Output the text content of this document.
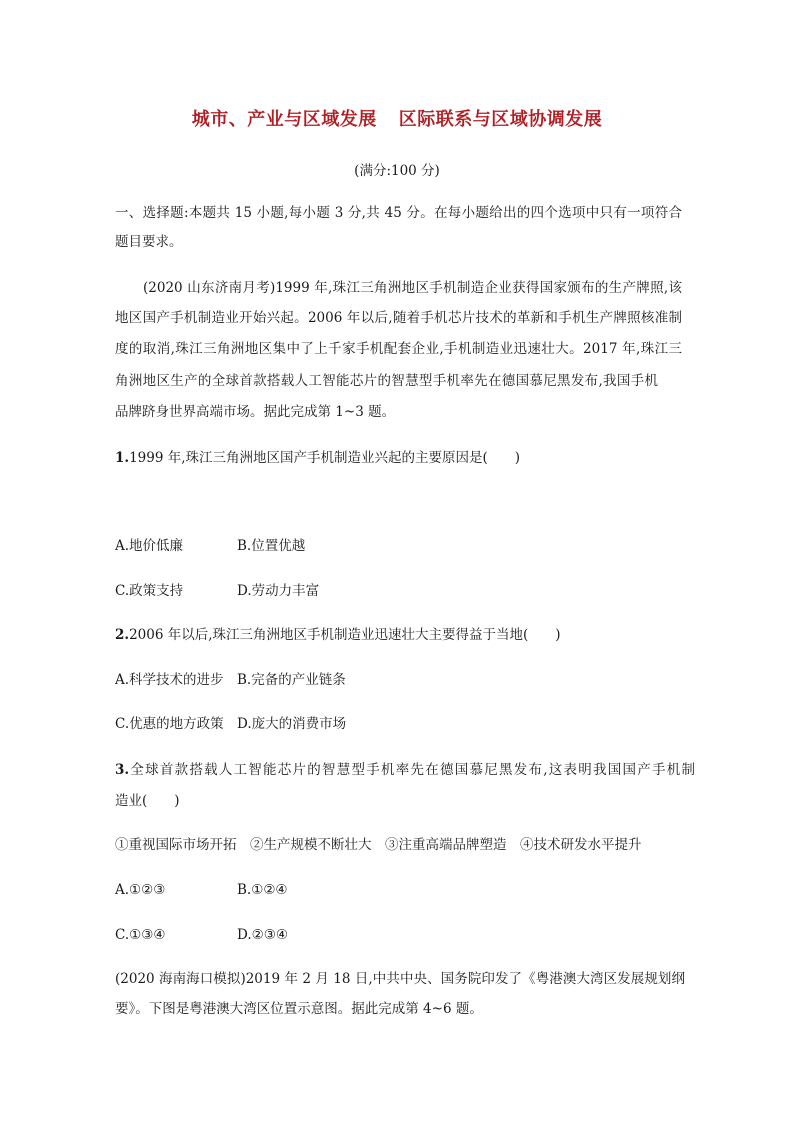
城市、产业与区域发展 区际联系与区域协调发展
(满分:100 分)
一、选择题:本题共 15 小题,每小题 3 分,共 45 分。在每小题给出的四个选项中只有一项符合
题目要求。
(2020 山东济南月考)1999 年,珠江三角洲地区手机制造企业获得国家颁布的生产牌照,该
地区国产手机制造业开始兴起。2006 年以后,随着手机芯片技术的革新和手机生产牌照核准制
度的取消,珠江三角洲地区集中了上千家手机配套企业,手机制造业迅速壮大。2017 年,珠江三
角洲地区生产的全球首款搭载人工智能芯片的智慧型手机率先在德国慕尼黑发布,我国手机
品牌跻身世界高端市场。据此完成第 1~3 题。
1.1999 年,珠江三角洲地区国产手机制造业兴起的主要原因是(　　)
A.地价低廉	B.位置优越
C.政策支持	D.劳动力丰富
2.2006 年以后,珠江三角洲地区手机制造业迅速壮大主要得益于当地(　　)
A.科学技术的进步 B.完备的产业链条
C.优惠的地方政策 D.庞大的消费市场
3.全球首款搭载人工智能芯片的智慧型手机率先在德国慕尼黑发布,这表明我国国产手机制
造业(　　)
①重视国际市场开拓　②生产规模不断壮大　③注重高端品牌塑造　④技术研发水平提升
A.①②③	B.①②④
C.①③④	D.②③④
(2020 海南海口模拟)2019 年 2 月 18 日,中共中央、国务院印发了《粤港澳大湾区发展规划纲
要》。下图是粤港澳大湾区位置示意图。据此完成第 4~6 题。
